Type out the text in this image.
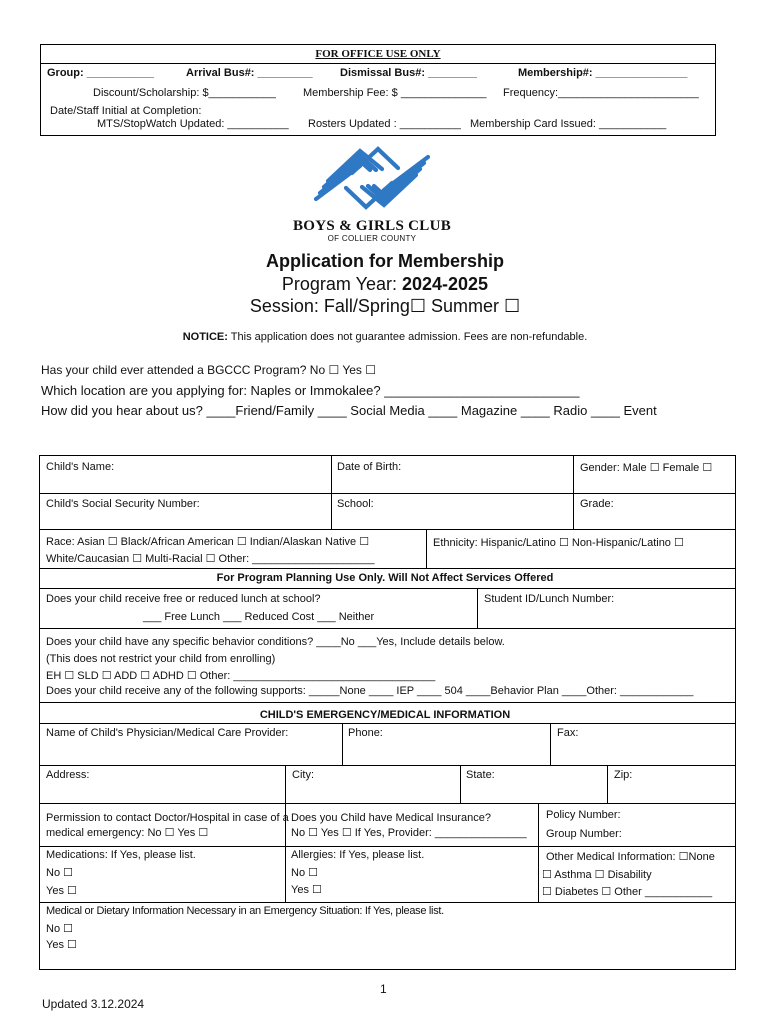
FOR OFFICE USE ONLY
Group: ___________	Arrival Bus#: _________ Dismissal Bus#: ________	Membership#: _______________
Discount/Scholarship: $___________ Membership Fee: $ ______________ Frequency:_______________________
Date/Staff Initial at Completion:
MTS/StopWatch Updated: __________ Rosters Updated : __________ Membership Card Issued: ___________
BOYS & GIRLS CLUB
OF COLLIER COUNTY
Application for Membership
Program Year: 2024-2025
Session: Fall/Spring☐ Summer ☐
NOTICE: This application does not guarantee admission. Fees are non-refundable.
Has your child ever attended a BGCCC Program? No ☐ Yes ☐
Which location are you applying for: Naples or Immokalee? ___________________________
How did you hear about us? ____Friend/Family ____ Social Media ____ Magazine ____ Radio ____ Event
Child's Name:	Date of Birth:	Gender: Male ☐ Female ☐
Child's Social Security Number:	School:	Grade:
Race: Asian ☐ Black/African American ☐ Indian/Alaskan Native ☐
White/Caucasian ☐ Multi-Racial ☐ Other: ____________________
Ethnicity: Hispanic/Latino ☐ Non-Hispanic/Latino ☐
For Program Planning Use Only. Will Not Affect Services Offered
Does your child receive free or reduced lunch at school?
___ Free Lunch ___ Reduced Cost ___ Neither
Student ID/Lunch Number:
Does your child have any specific behavior conditions? ____No ___Yes, Include details below.
(This does not restrict your child from enrolling)
EH ☐ SLD ☐ ADD ☐ ADHD ☐ Other: _________________________________
Does your child receive any of the following supports: _____None ____ IEP ____ 504 ____Behavior Plan ____Other: ____________
CHILD'S EMERGENCY/MEDICAL INFORMATION
Name of Child's Physician/Medical Care Provider:	Phone:	Fax:
Address:	City:	State:	Zip:
Permission to contact Doctor/Hospital in case of a
medical emergency: No ☐ Yes ☐
Does you Child have Medical Insurance?
No ☐ Yes ☐ If Yes, Provider: _______________
Policy Number:
Group Number:
Medications: If Yes, please list.
No ☐
Yes ☐
Allergies: If Yes, please list.
No ☐
Yes ☐
Other Medical Information: ☐None
☐ Asthma ☐ Disability
☐ Diabetes ☐ Other ___________
Medical or Dietary Information Necessary in an Emergency Situation: If Yes, please list.
No ☐
Yes ☐
1
Updated 3.12.2024
